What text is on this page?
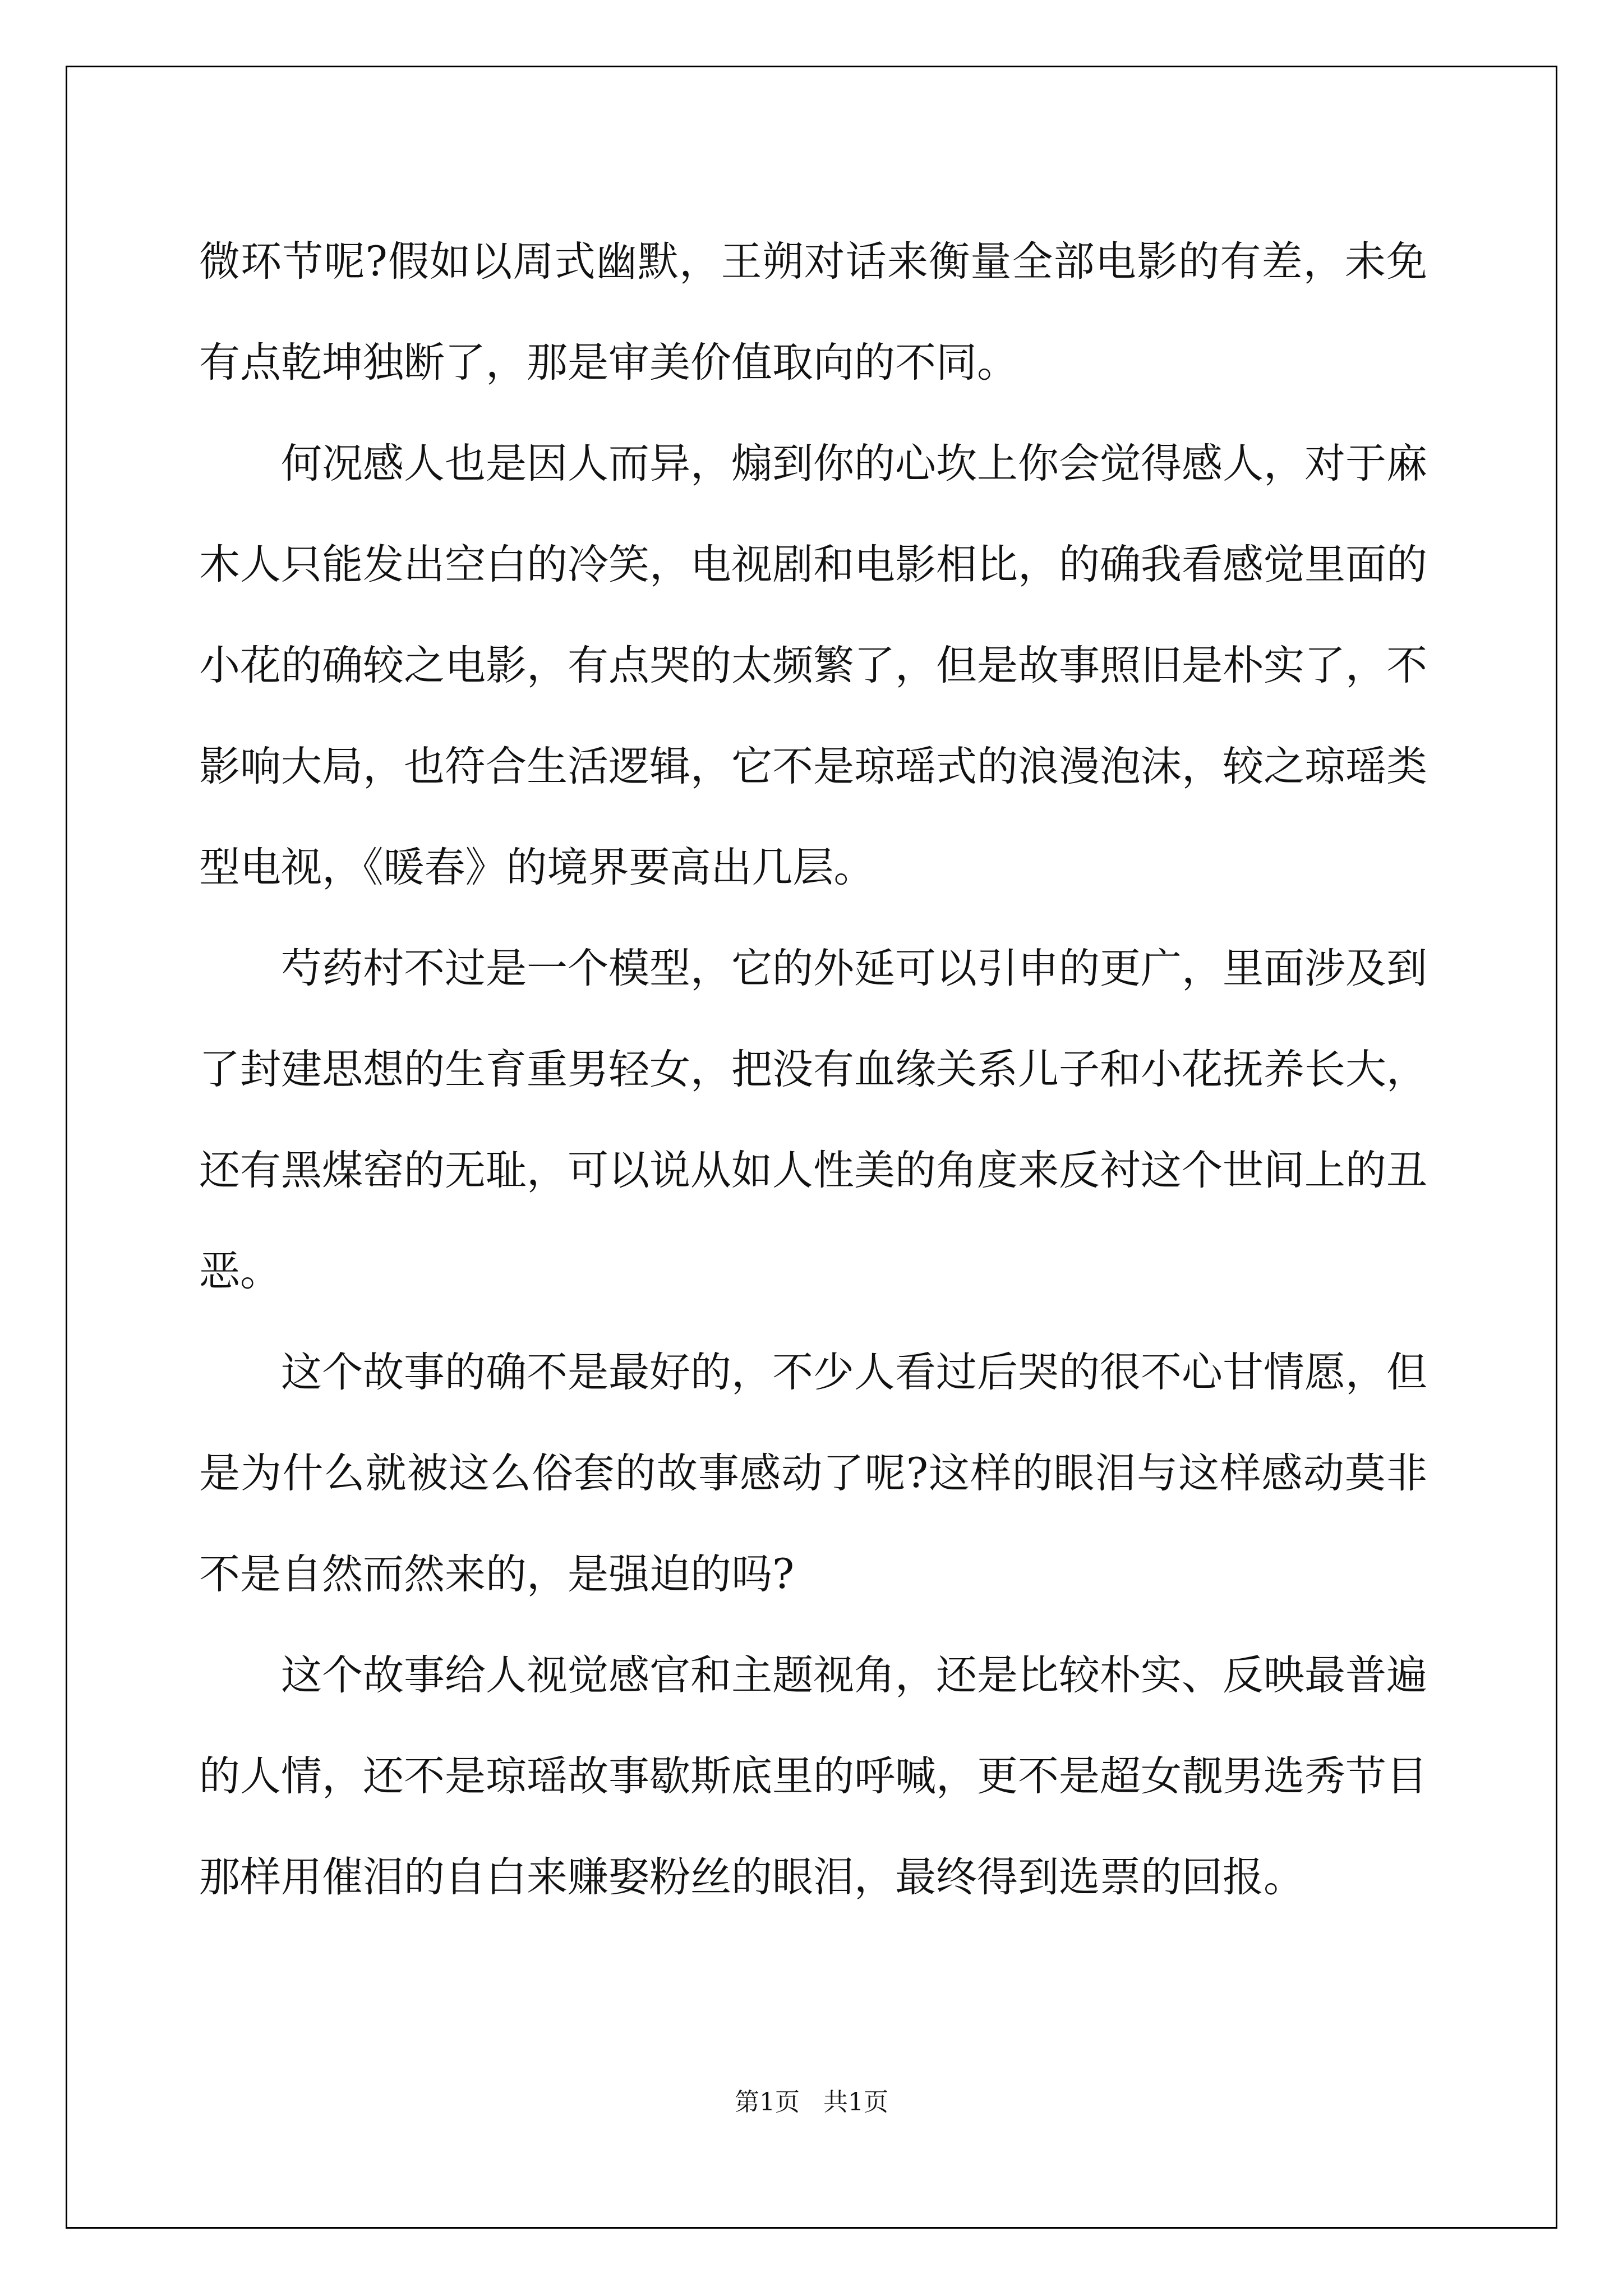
微环节呢?假如以周式幽默，王朔对话来衡量全部电影的有差，未免有点乾坤独断了，那是审美价值取向的不同。

何况感人也是因人而异，煽到你的心坎上你会觉得感人，对于麻木人只能发出空白的冷笑，电视剧和电影相比，的确我看感觉里面的小花的确较之电影，有点哭的太频繁了，但是故事照旧是朴实了，不影响大局，也符合生活逻辑，它不是琼瑶式的浪漫泡沫，较之琼瑶类型电视，《暖春》的境界要高出几层。

芍药村不过是一个模型，它的外延可以引申的更广，里面涉及到了封建思想的生育重男轻女，把没有血缘关系儿子和小花抚养长大，还有黑煤窑的无耻，可以说从如人性美的角度来反衬这个世间上的丑恶。

这个故事的确不是最好的，不少人看过后哭的很不心甘情愿，但是为什么就被这么俗套的故事感动了呢?这样的眼泪与这样感动莫非不是自然而然来的，是强迫的吗?

这个故事给人视觉感官和主题视角，还是比较朴实、反映最普遍的人情，还不是琼瑶故事歇斯底里的呼喊，更不是超女靓男选秀节目那样用催泪的自白来赚娶粉丝的眼泪，最终得到选票的回报。

第1页   共1页
